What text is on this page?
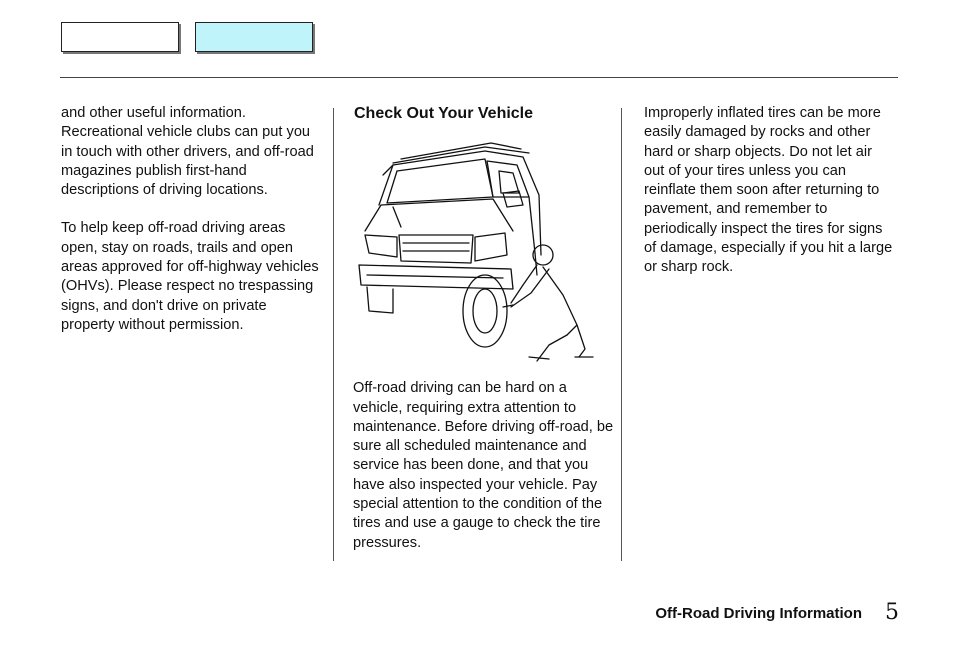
and other useful information. Recreational vehicle clubs can put you in touch with other drivers, and off-road magazines publish first-hand descriptions of driving locations.

To help keep off-road driving areas open, stay on roads, trails and open areas approved for off-highway vehicles (OHVs). Please respect no trespassing signs, and don't drive on private property without permission.

Check Out Your Vehicle

Off-road driving can be hard on a vehicle, requiring extra attention to maintenance. Before driving off-road, be sure all scheduled maintenance and service has been done, and that you have also inspected your vehicle. Pay special attention to the condition of the tires and use a gauge to check the tire pressures.

Improperly inflated tires can be more easily damaged by rocks and other hard or sharp objects. Do not let air out of your tires unless you can reinflate them soon after returning to pavement, and remember to periodically inspect the tires for signs of damage, especially if you hit a large or sharp rock.

Off-Road Driving Information 5
